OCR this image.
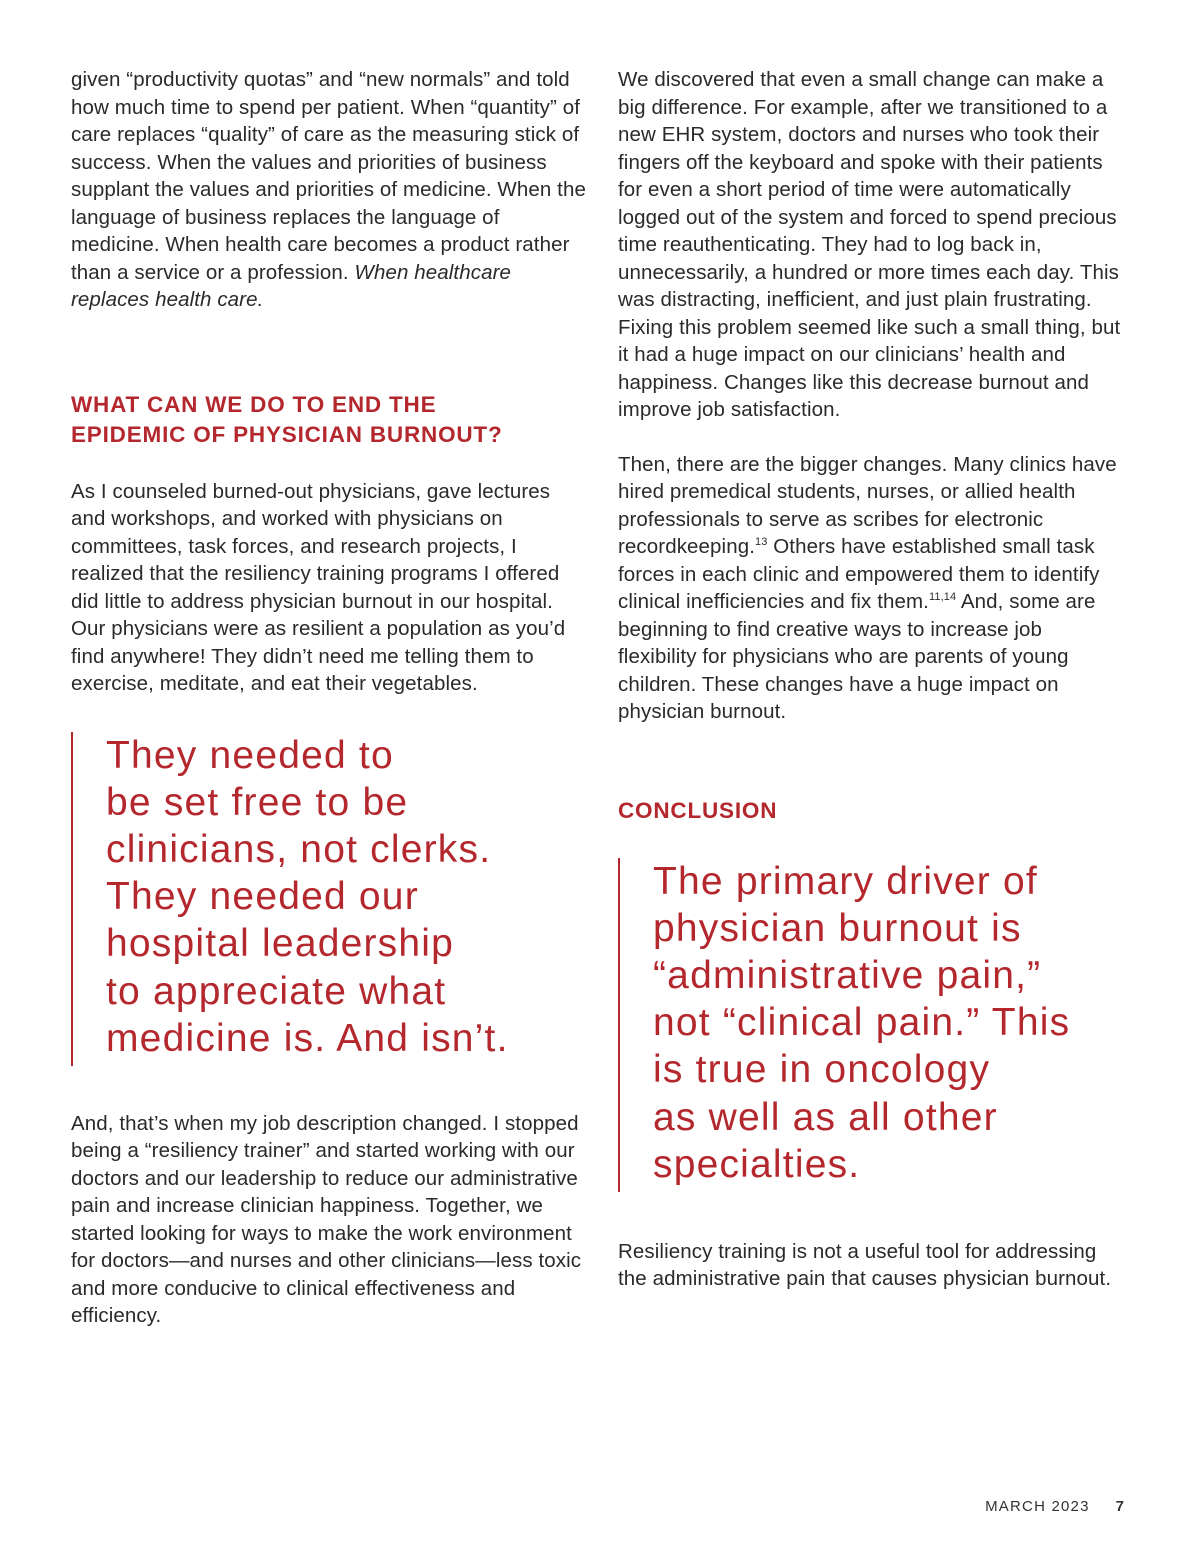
given “productivity quotas” and “new normals” and told how much time to spend per patient. When “quantity” of care replaces “quality” of care as the measuring stick of success. When the values and priorities of business supplant the values and priorities of medicine. When the language of business replaces the language of medicine. When health care becomes a product rather than a service or a profession. When healthcare replaces health care.

WHAT CAN WE DO TO END THE
EPIDEMIC OF PHYSICIAN BURNOUT?

As I counseled burned-out physicians, gave lectures and workshops, and worked with physicians on committees, task forces, and research projects, I realized that the resiliency training programs I offered did little to address physician burnout in our hospital. Our physicians were as resilient a population as you’d find anywhere! They didn’t need me telling them to exercise, meditate, and eat their vegetables.

They needed to
be set free to be
clinicians, not clerks.
They needed our
hospital leadership
to appreciate what
medicine is. And isn’t.

And, that’s when my job description changed. I stopped being a “resiliency trainer” and started working with our doctors and our leadership to reduce our administrative pain and increase clinician happiness. Together, we started looking for ways to make the work environment for doctors—and nurses and other clinicians—less toxic and more conducive to clinical effectiveness and efficiency.

We discovered that even a small change can make a big difference. For example, after we transitioned to a new EHR system, doctors and nurses who took their fingers off the keyboard and spoke with their patients for even a short period of time were automatically logged out of the system and forced to spend precious time reauthenticating. They had to log back in, unnecessarily, a hundred or more times each day. This was distracting, inefficient, and just plain frustrating. Fixing this problem seemed like such a small thing, but it had a huge impact on our clinicians’ health and happiness. Changes like this decrease burnout and improve job satisfaction.

Then, there are the bigger changes. Many clinics have hired premedical students, nurses, or allied health professionals to serve as scribes for electronic recordkeeping.$^{13}$ Others have established small task forces in each clinic and empowered them to identify clinical inefficiencies and fix them.$^{11,14}$ And, some are beginning to find creative ways to increase job flexibility for physicians who are parents of young children. These changes have a huge impact on physician burnout.

CONCLUSION
The primary driver of
physician burnout is
“administrative pain,”
not “clinical pain.” This
is true in oncology
as well as all other
specialties.

Resiliency training is not a useful tool for addressing the administrative pain that causes physician burnout.

MARCH 2023 7
